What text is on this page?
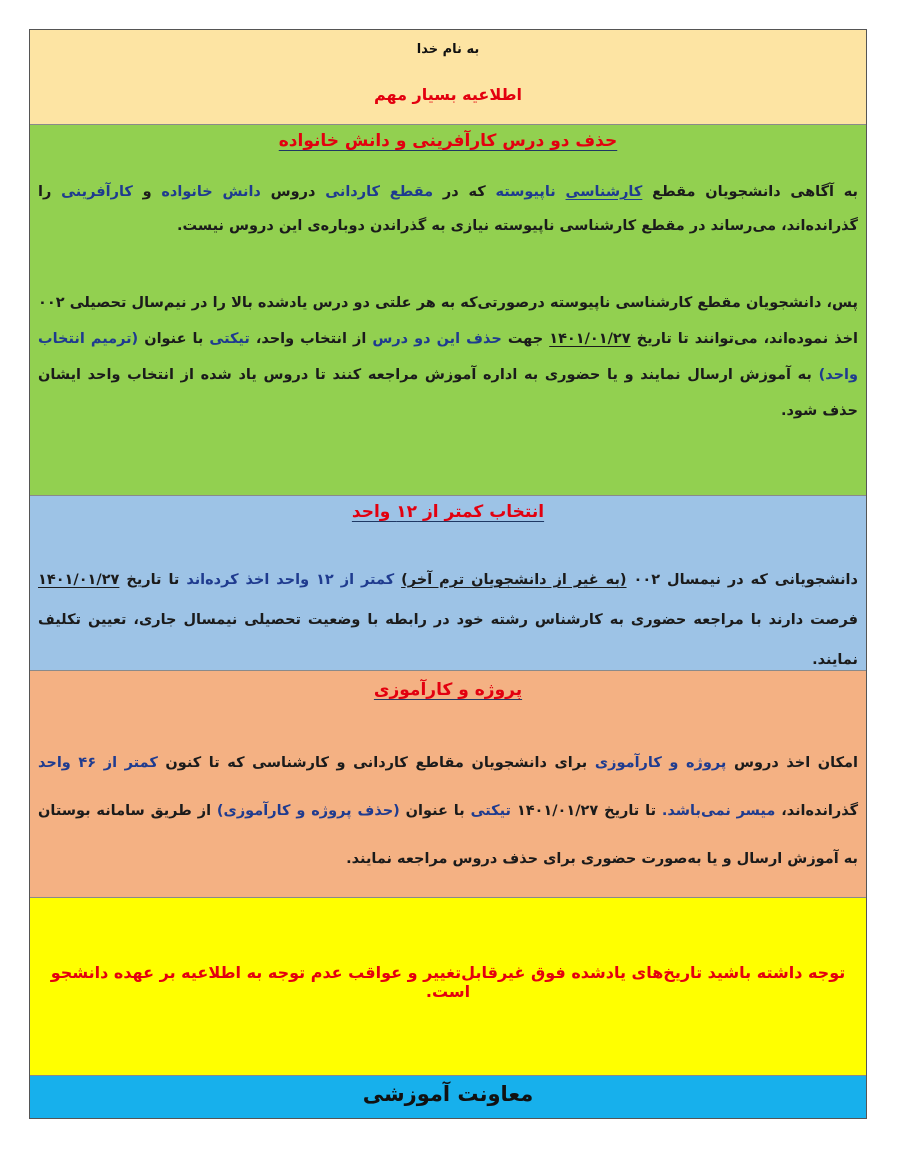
به نام خدا
اطلاعیه بسیار مهم
حذف دو درس کارآفرینی و دانش خانواده

به آگاهی دانشجویان مقطع کارشناسی ناپیوسته که در مقطع کاردانی دروس دانش خانواده و کارآفرینی را گذرانده‌اند، می‌رساند در مقطع کارشناسی ناپیوسته نیازی به گذراندن دوباره‌ی این دروس نیست.

پس، دانشجویان مقطع کارشناسی ناپیوسته درصورتی‌که به هر علتی دو درس یادشده بالا را در نیم‌سال تحصیلی ۰۰۲ اخذ نموده‌اند، می‌توانند تا تاریخ ۱۴۰۱/۰۱/۲۷ جهت حذف این دو درس از انتخاب واحد، تیکتی با عنوان (ترمیم انتخاب واحد) به آموزش ارسال نمایند و یا حضوری به اداره آموزش مراجعه کنند تا دروس یاد شده از انتخاب واحد ایشان حذف شود.

انتخاب کمتر از ۱۲ واحد

دانشجویانی که در نیمسال ۰۰۲ (به غیر از دانشجویان ترم آخر) کمتر از ۱۲ واحد اخذ کرده‌اند تا تاریخ ۱۴۰۱/۰۱/۲۷ فرصت دارند با مراجعه حضوری به کارشناس رشته خود در رابطه با وضعیت تحصیلی نیمسال جاری، تعیین تکلیف نمایند.

پروژه و کارآموزی

امکان اخذ دروس پروژه و کارآموزی برای دانشجویان مقاطع کاردانی و کارشناسی که تا کنون کمتر از ۴۶ واحد گذرانده‌اند، میسر نمی‌باشد. تا تاریخ ۱۴۰۱/۰۱/۲۷ تیکتی با عنوان (حذف پروژه و کارآموزی) از طریق سامانه بوستان به آموزش ارسال و یا به‌صورت حضوری برای حذف دروس مراجعه نمایند.

توجه داشته باشید تاریخ‌های یادشده فوق غیرقابل‌تغییر و عواقب عدم توجه به اطلاعیه بر عهده دانشجو است.
معاونت آموزشی
